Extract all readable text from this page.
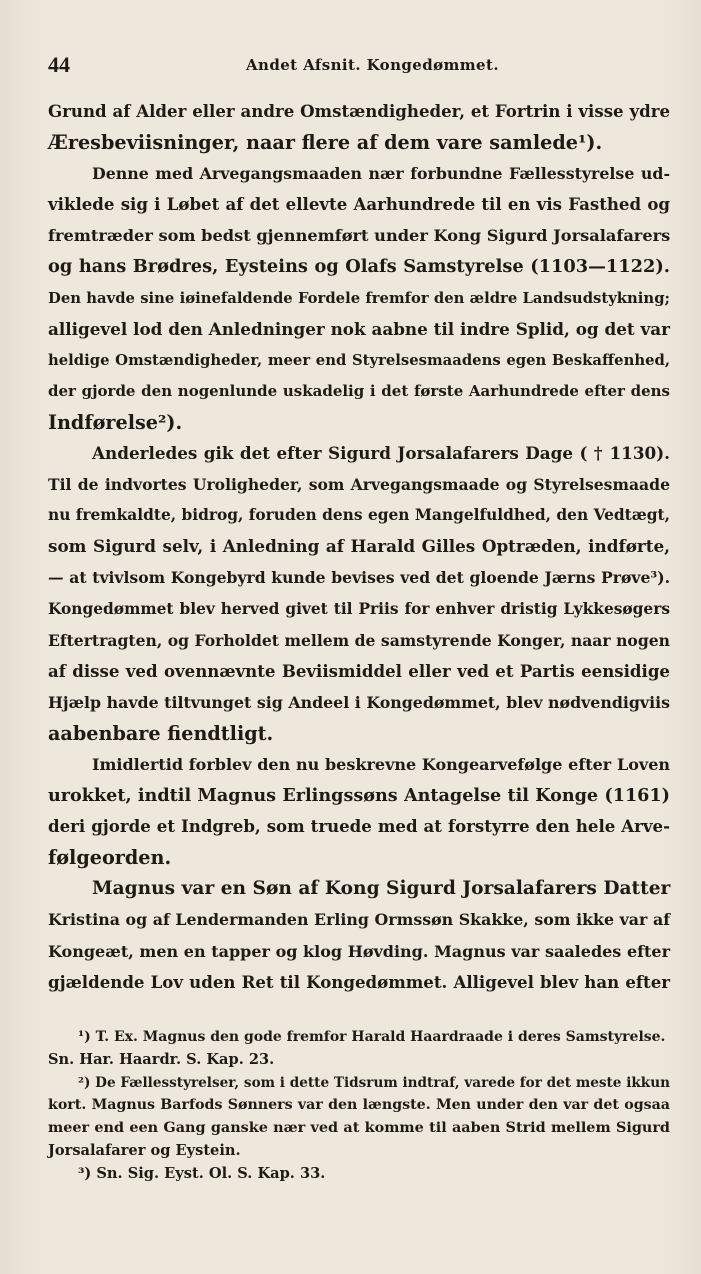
44	Andet Afsnit. Kongedømmet.
Grund af Alder eller andre Omstændigheder, et Fortrin i visse ydre
Æresbeviisninger, naar flere af dem vare samlede¹).
Denne med Arvegangsmaaden nær forbundne Fællesstyrelse ud-
viklede sig i Løbet af det ellevte Aarhundrede til en vis Fasthed og
fremtræder som bedst gjennemført under Kong Sigurd Jorsalafarers
og hans Brødres, Eysteins og Olafs Samstyrelse (1103—1122).
Den havde sine iøinefaldende Fordele fremfor den ældre Landsudstykning;
alligevel lod den Anledninger nok aabne til indre Splid, og det var
heldige Omstændigheder, meer end Styrelsesmaadens egen Beskaffenhed,
der gjorde den nogenlunde uskadelig i det første Aarhundrede efter dens
Indførelse²).
Anderledes gik det efter Sigurd Jorsalafarers Dage ( † 1130).
Til de indvortes Uroligheder, som Arvegangsmaade og Styrelsesmaade
nu fremkaldte, bidrog, foruden dens egen Mangelfuldhed, den Vedtægt,
som Sigurd selv, i Anledning af Harald Gilles Optræden, indførte,
— at tvivlsom Kongebyrd kunde bevises ved det gloende Jærns Prøve³).
Kongedømmet blev herved givet til Priis for enhver dristig Lykkesøgers
Eftertragten, og Forholdet mellem de samstyrende Konger, naar nogen
af disse ved ovennævnte Beviismiddel eller ved et Partis eensidige
Hjælp havde tiltvunget sig Andeel i Kongedømmet, blev nødvendigviis
aabenbare fiendtligt.
Imidlertid forblev den nu beskrevne Kongearvefølge efter Loven
urokket, indtil Magnus Erlingssøns Antagelse til Konge (1161)
deri gjorde et Indgreb, som truede med at forstyrre den hele Arve-
følgeorden.
Magnus var en Søn af Kong Sigurd Jorsalafarers Datter
Kristina og af Lendermanden Erling Ormssøn Skakke, som ikke var af
Kongeæt, men en tapper og klog Høvding. Magnus var saaledes efter
gjældende Lov uden Ret til Kongedømmet. Alligevel blev han efter
¹) T. Ex. Magnus den gode fremfor Harald Haardraade i deres Samstyrelse.
Sn. Har. Haardr. S. Kap. 23.
²) De Fællesstyrelser, som i dette Tidsrum indtraf, varede for det meste ikkun
kort. Magnus Barfods Sønners var den længste. Men under den var det ogsaa
meer end een Gang ganske nær ved at komme til aaben Strid mellem Sigurd
Jorsalafarer og Eystein.
³) Sn. Sig. Eyst. Ol. S. Kap. 33.
